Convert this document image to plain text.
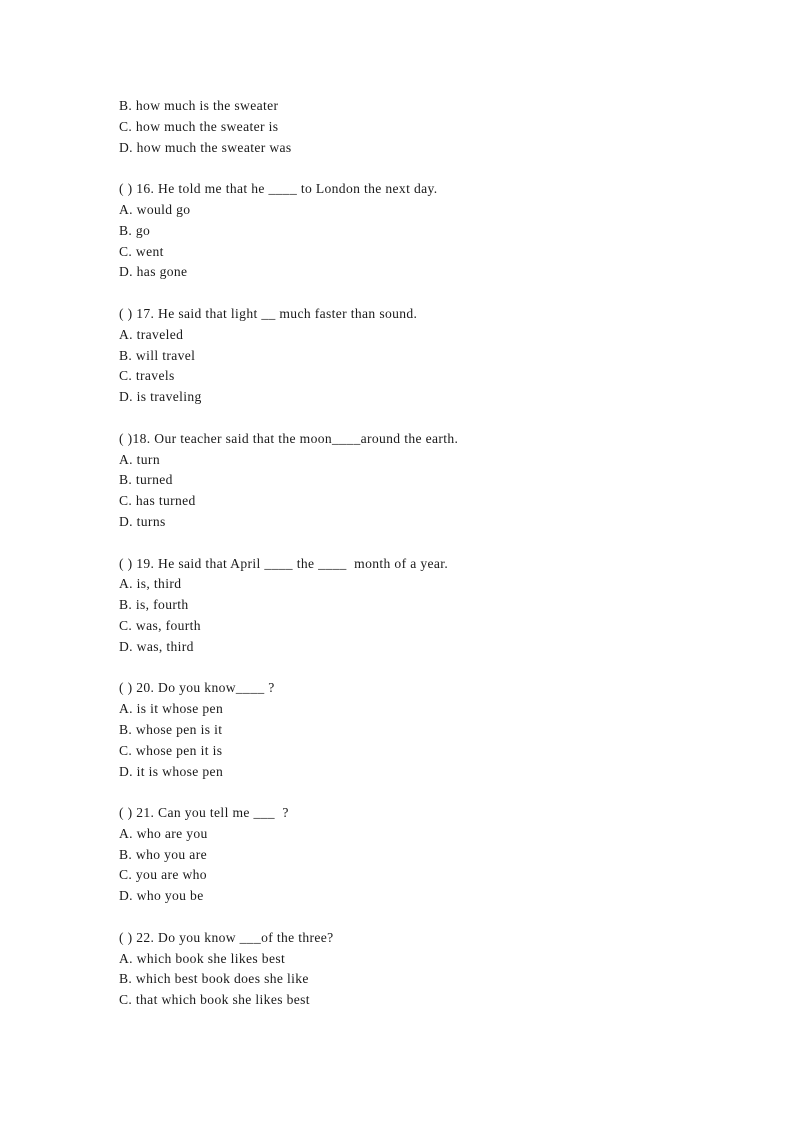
B. how much is the sweater
C. how much the sweater is
D. how much the sweater was
( ) 16. He told me that he ____ to London the next day.
A. would go
B. go
C. went
D. has gone
( ) 17. He said that light __ much faster than sound.
A. traveled
B. will travel
C. travels
D. is traveling
( )18. Our teacher said that the moon____around the earth.
A. turn
B. turned
C. has turned
D. turns
( ) 19. He said that April ____ the ____  month of a year.
A. is, third
B. is, fourth
C. was, fourth
D. was, third
( ) 20. Do you know____ ?
A. is it whose pen
B. whose pen is it
C. whose pen it is
D. it is whose pen
( ) 21. Can you tell me ___  ?
A. who are you
B. who you are
C. you are who
D. who you be
( ) 22. Do you know ___of the three?
A. which book she likes best
B. which best book does she like
C. that which book she likes best
